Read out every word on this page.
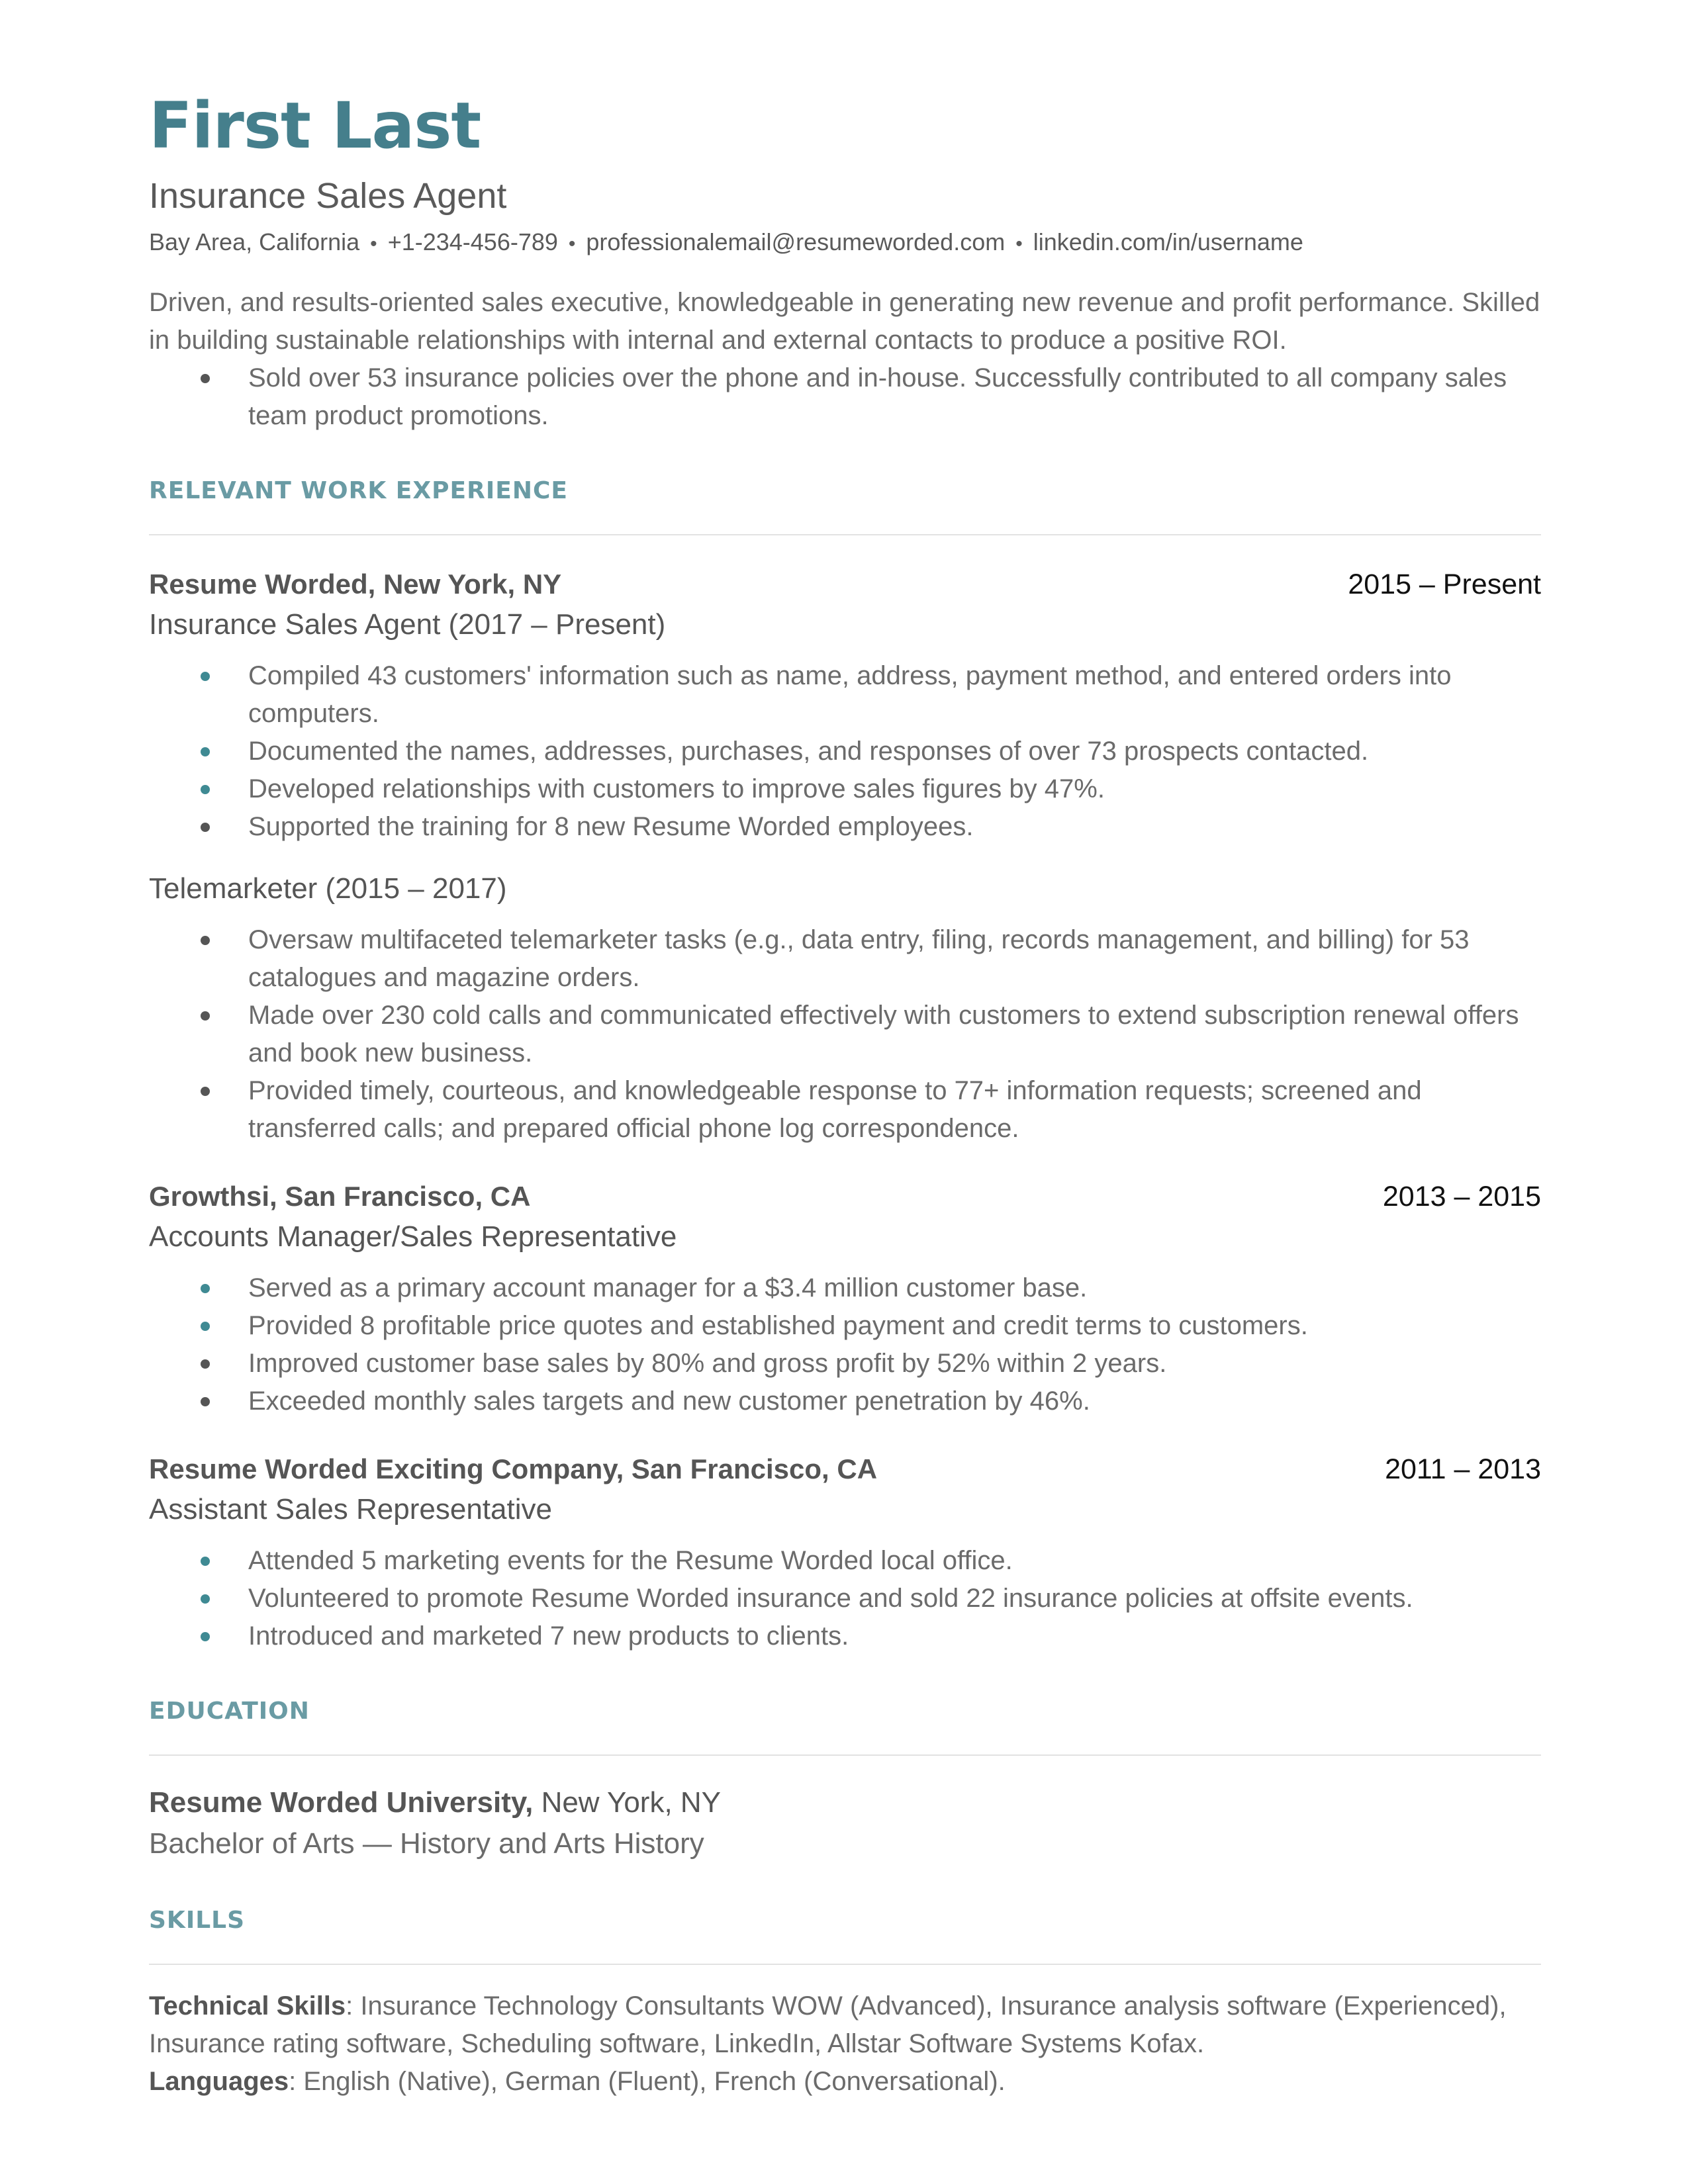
First Last
Insurance Sales Agent
Bay Area, California • +1-234-456-789 • professionalemail@resumeworded.com • linkedin.com/in/username
Driven, and results-oriented sales executive, knowledgeable in generating new revenue and profit performance. Skilled in building sustainable relationships with internal and external contacts to produce a positive ROI.
Sold over 53 insurance policies over the phone and in-house. Successfully contributed to all company sales team product promotions.
RELEVANT WORK EXPERIENCE
Resume Worded, New York, NY	2015 – Present
Insurance Sales Agent (2017 – Present)
Compiled 43 customers' information such as name, address, payment method, and entered orders into computers.
Documented the names, addresses, purchases, and responses of over 73 prospects contacted.
Developed relationships with customers to improve sales figures by 47%.
Supported the training for 8 new Resume Worded employees.
Telemarketer (2015 – 2017)
Oversaw multifaceted telemarketer tasks (e.g., data entry, filing, records management, and billing) for 53 catalogues and magazine orders.
Made over 230 cold calls and communicated effectively with customers to extend subscription renewal offers and book new business.
Provided timely, courteous, and knowledgeable response to 77+ information requests; screened and transferred calls; and prepared official phone log correspondence.
Growthsi, San Francisco, CA	2013 – 2015
Accounts Manager/Sales Representative
Served as a primary account manager for a $3.4 million customer base.
Provided 8 profitable price quotes and established payment and credit terms to customers.
Improved customer base sales by 80% and gross profit by 52% within 2 years.
Exceeded monthly sales targets and new customer penetration by 46%.
Resume Worded Exciting Company, San Francisco, CA	2011 – 2013
Assistant Sales Representative
Attended 5 marketing events for the Resume Worded local office.
Volunteered to promote Resume Worded insurance and sold 22 insurance policies at offsite events.
Introduced and marketed 7 new products to clients.
EDUCATION
Resume Worded University, New York, NY
Bachelor of Arts — History and Arts History
SKILLS
Technical Skills: Insurance Technology Consultants WOW (Advanced), Insurance analysis software (Experienced), Insurance rating software, Scheduling software, LinkedIn, Allstar Software Systems Kofax.
Languages: English (Native), German (Fluent), French (Conversational).
